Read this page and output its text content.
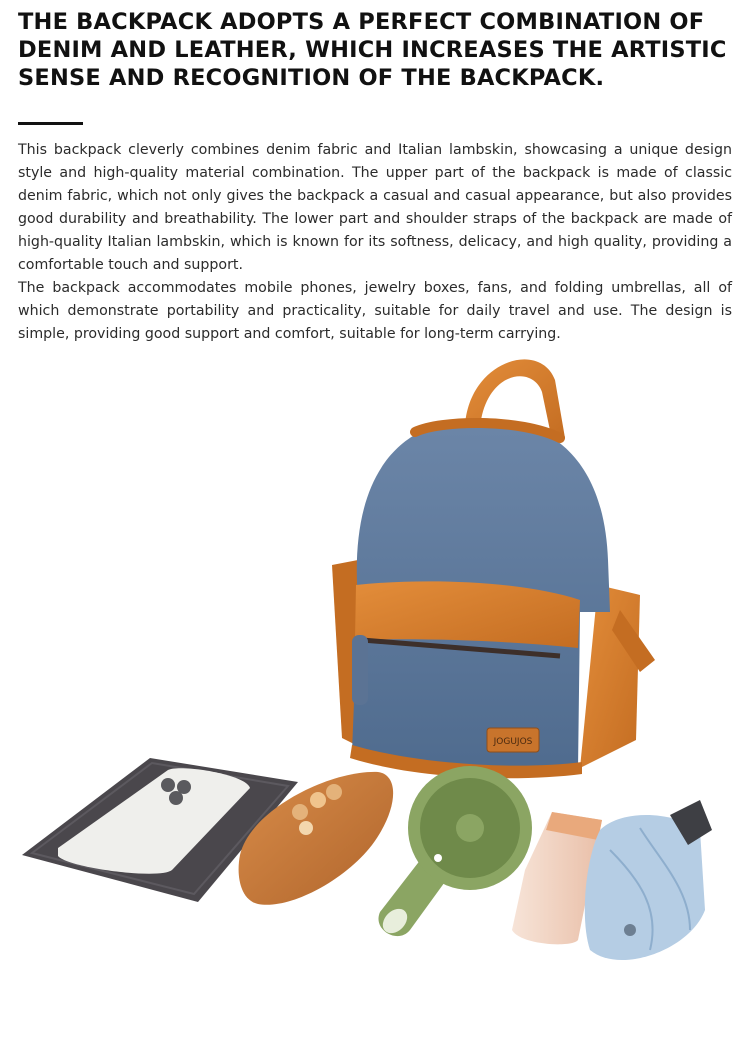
THE BACKPACK ADOPTS A PERFECT COMBINATION OF DENIM AND LEATHER, WHICH INCREASES THE ARTISTIC SENSE AND RECOGNITION OF THE BACKPACK.

This backpack cleverly combines denim fabric and Italian lambskin, showcasing a unique design style and high-quality material combination. The upper part of the backpack is made of classic denim fabric, which not only gives the backpack a casual and casual appearance, but also provides good durability and breathability. The lower part and shoulder straps of the backpack are made of high-quality Italian lambskin, which is known for its softness, delicacy, and high quality, providing a comfortable touch and support.

The backpack accommodates mobile phones, jewelry boxes, fans, and folding umbrellas, all of which demonstrate portability and practicality, suitable for daily travel and use. The design is simple, providing good support and comfort, suitable for long-term carrying.

JOGUJOS
